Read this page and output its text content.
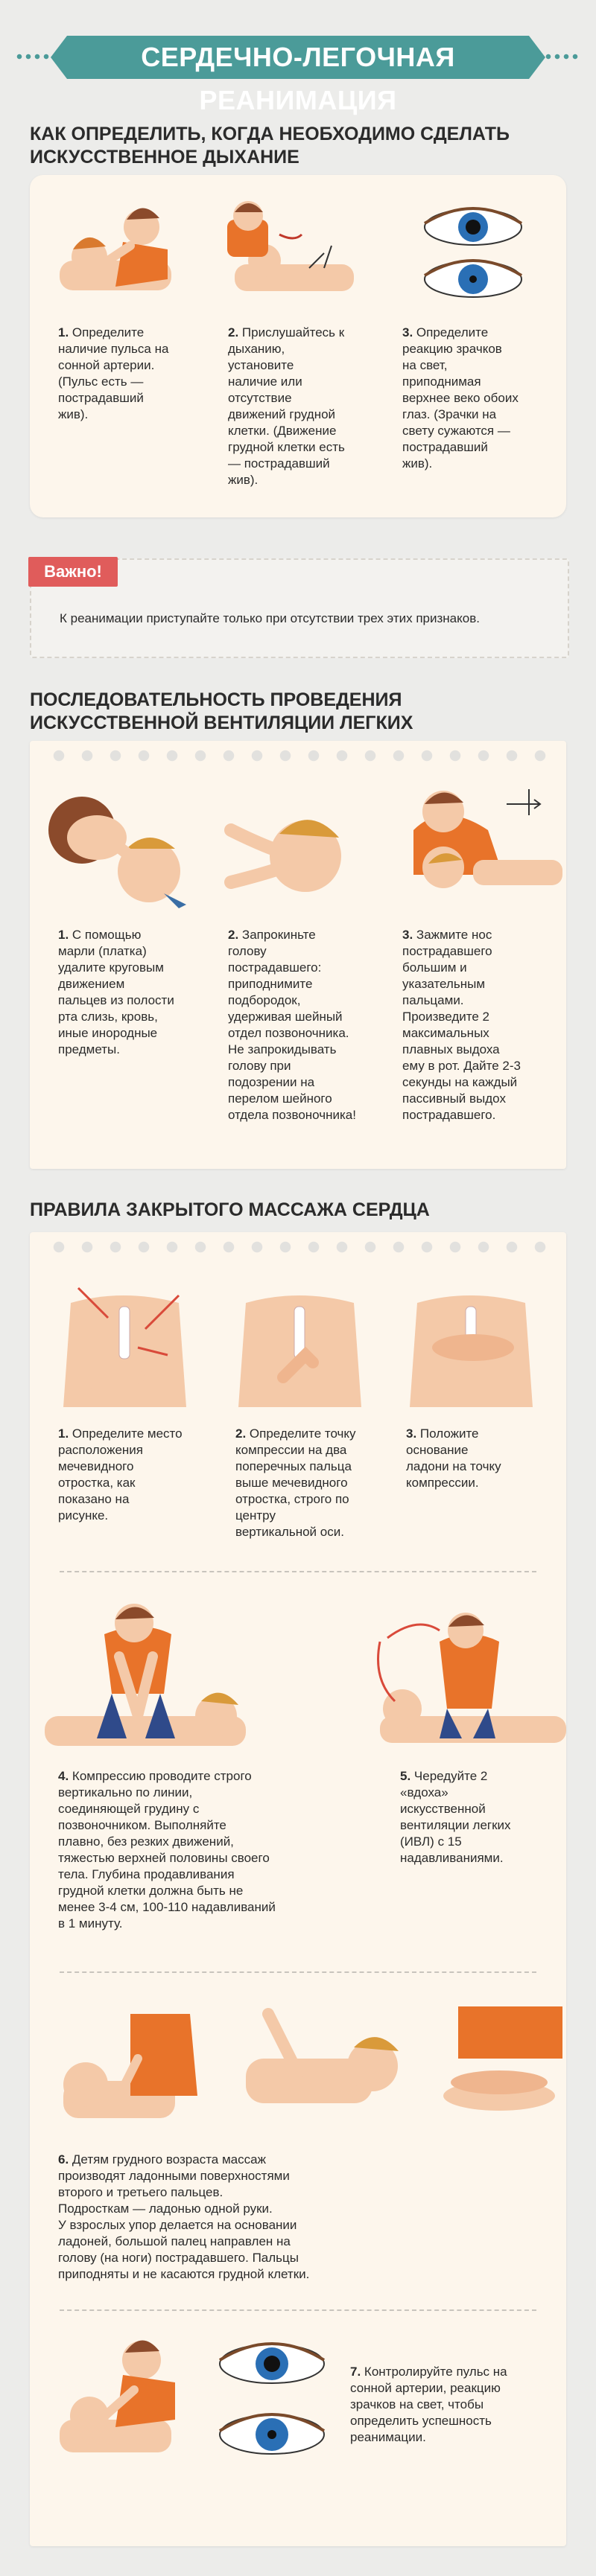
СЕРДЕЧНО-ЛЕГОЧНАЯ РЕАНИМАЦИЯ
КАК ОПРЕДЕЛИТЬ, КОГДА НЕОБХОДИМО СДЕЛАТЬ
ИСКУССТВЕННОЕ ДЫХАНИЕ
1. Определите
наличие пульса на
сонной артерии.
(Пульс есть —
пострадавший
жив).
2. Прислушайтесь к
дыханию,
установите
наличие или
отсутствие
движений грудной
клетки. (Движение
грудной клетки есть
— пострадавший
жив).
3. Определите
реакцию зрачков
на свет,
приподнимая
верхнее веко обоих
глаз. (Зрачки на
свету сужаются —
пострадавший
жив).
Важно!
К реанимации приступайте только при отсутствии трех этих признаков.
ПОСЛЕДОВАТЕЛЬНОСТЬ ПРОВЕДЕНИЯ
ИСКУССТВЕННОЙ ВЕНТИЛЯЦИИ ЛЕГКИХ
1. С помощью
марли (платка)
удалите круговым
движением
пальцев из полости
рта слизь, кровь,
иные инородные
предметы.
2. Запрокиньте
голову
пострадавшего:
приподнимите
подбородок,
удерживая шейный
отдел позвоночника.
Не запрокидывать
голову при
подозрении на
перелом шейного
отдела позвоночника!
3. Зажмите нос
пострадавшего
большим и
указательным
пальцами.
Произведите 2
максимальных
плавных выдоха
ему в рот. Дайте 2-3
секунды на каждый
пассивный выдох
пострадавшего.
ПРАВИЛА ЗАКРЫТОГО МАССАЖА СЕРДЦА
1. Определите место
расположения
мечевидного
отростка, как
показано на
рисунке.
2. Определите точку
компрессии на два
поперечных пальца
выше мечевидного
отростка, строго по
центру
вертикальной оси.
3. Положите
основание
ладони на точку
компрессии.
4. Компрессию проводите строго
вертикально по линии,
соединяющей грудину с
позвоночником. Выполняйте
плавно, без резких движений,
тяжестью верхней половины своего
тела. Глубина продавливания
грудной клетки должна быть не
менее 3-4 см, 100-110 надавливаний
в 1 минуту.
5. Чередуйте 2
«вдоха»
искусственной
вентиляции легких
(ИВЛ) с 15
надавливаниями.
6. Детям грудного возраста массаж
производят ладонными поверхностями
второго и третьего пальцев.
Подросткам — ладонью одной руки.
У взрослых упор делается на основании
ладоней, большой палец направлен на
голову (на ноги) пострадавшего. Пальцы
приподняты и не касаются грудной клетки.
7. Контролируйте пульс на
сонной артерии, реакцию
зрачков на свет, чтобы
определить успешность
реанимации.
